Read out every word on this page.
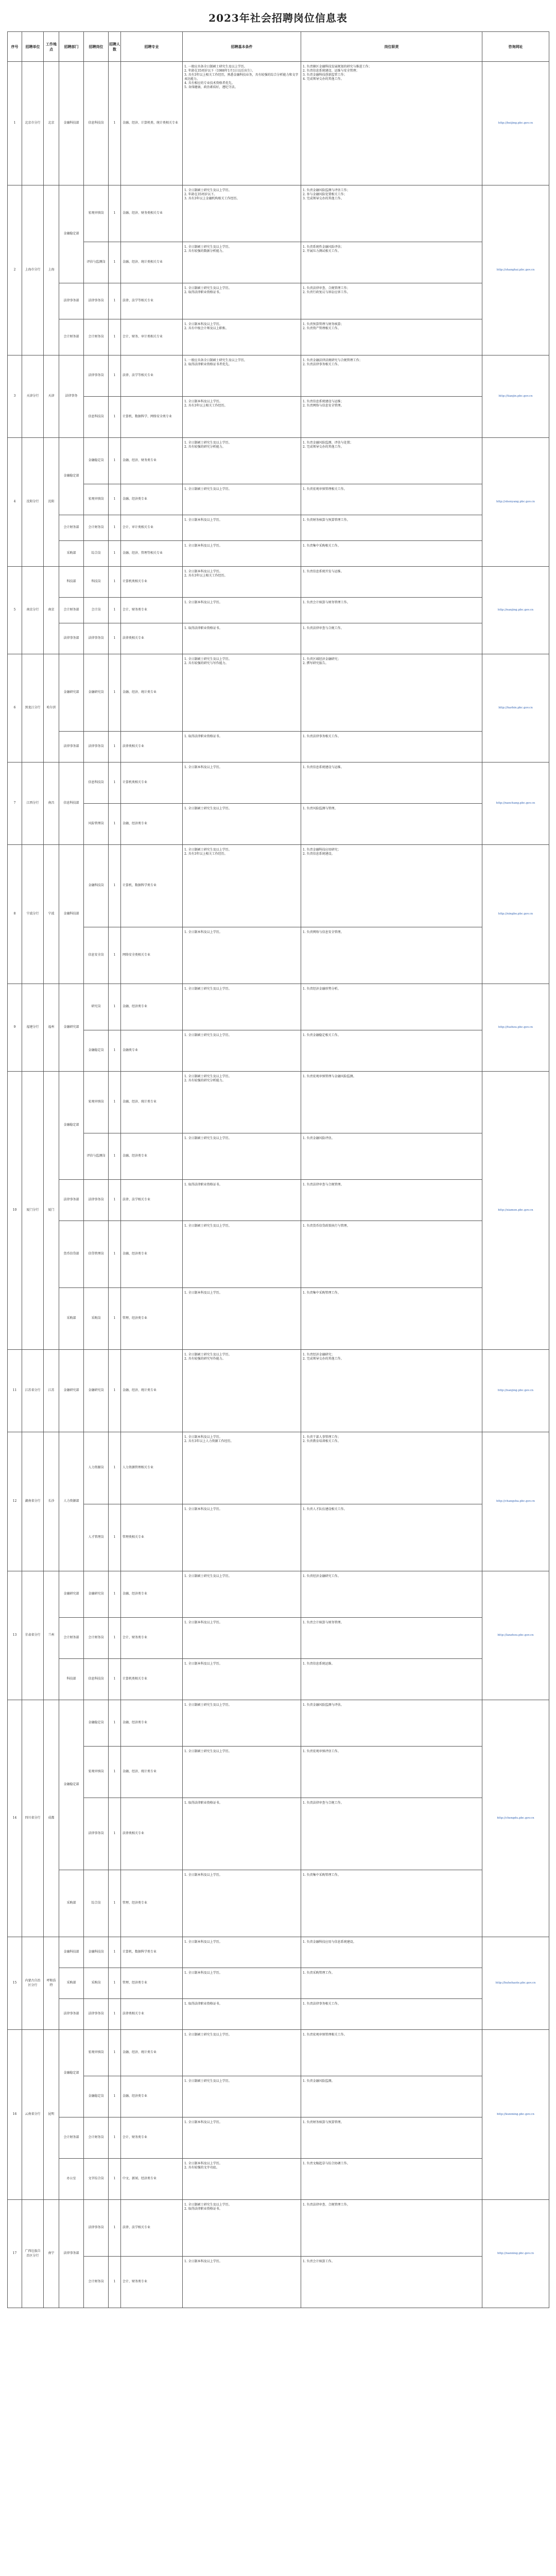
2023年社会招聘岗位信息表
序号	招聘单位	工作地点	招聘部门	招聘岗位	招聘人数	招聘专业	招聘基本条件	岗位职责	咨询网址
1	北京市分行	北京	金融科技部	信息科技岗	1	金融、经济、计算机类、统计类相关专业	1. 一般应具备全日制硕士研究生及以上学历。
2. 年龄在35周岁以下（1988年1月1日以后出生）。
3. 具有3年以上相关工作经历，熟悉金融科技业务，具有较强的综合分析能力和文字表达能力。
4. 具有相应的专业技术资格者优先。
5. 身体健康，政治素质好，遵纪守法。	1. 负责辖区金融科技发展规划的研究与推进工作；
2. 负责信息系统建设、运维与安全管理；
3. 负责金融科技创新监管工作；
4. 完成领导交办的其他工作。	http://beijing.pbc.gov.cn
2	上海市分行	上海	金融稳定部	宏观审慎岗	1	金融、经济、财务类相关专业	1. 全日制硕士研究生及以上学历。
2. 年龄在35周岁以下。
3. 具有3年以上金融机构相关工作经历。	1. 负责金融风险监测与评估工作；
2. 参与金融风险处置相关工作；
3. 完成领导交办的其他工作。	http://shanghai.pbc.gov.cn
				评估与监测岗	1	金融、经济、统计类相关专业	1. 全日制硕士研究生及以上学历。
2. 具有较强的数据分析能力。	1. 负责系统性金融风险评估；
2. 开展压力测试相关工作。	

			法律事务部	法律事务岗	1	法律、法学等相关专业	1. 全日制硕士研究生及以上学历。
2. 取得法律职业资格证书。	1. 负责法律审查、合规管理工作；
2. 负责行政复议与诉讼应诉工作。	

			会计财务部	会计财务岗	1	会计、财务、审计类相关专业	1. 全日制本科及以上学历。
2. 具有中级会计师及以上职称。	1. 负责预算管理与财务核算；
2. 负责资产管理相关工作。	

3	天津分行	天津	法律事务	法律事务岗	1	法律、法学等相关专业	1. 一般应具备全日制硕士研究生及以上学历。
2. 取得法律职业资格证书者优先。	1. 负责金融法律法规研究与合规管理工作；
2. 负责法律事务相关工作。	http://tianjin.pbc.gov.cn
				信息科技岗	1	计算机、数据科学、网络安全类专业	1. 全日制本科及以上学历。
2. 具有3年以上相关工作经历。	1. 负责信息系统建设与运维；
2. 负责网络与信息安全管理。	

4	沈阳分行	沈阳	金融稳定部	金融稳定岗	1	金融、经济、财务类专业	1. 全日制硕士研究生及以上学历。
2. 具有较强的研究分析能力。	1. 负责金融风险监测、评估与处置；
2. 完成领导交办的其他工作。	http://shenyang.pbc.gov.cn
				宏观审慎岗	1	金融、经济类专业	1. 全日制硕士研究生及以上学历。	1. 负责宏观审慎管理相关工作。	

			会计财务部	会计财务岗	1	会计、审计类相关专业	1. 全日制本科及以上学历。	1. 负责财务核算与预算管理工作。	

			采购部	综合岗	1	金融、经济、管理等相关专业	1. 全日制本科及以上学历。	1. 负责集中采购相关工作。	

5	南京分行	南京	科技部	科技岗	1	计算机类相关专业	1. 全日制本科及以上学历。
2. 具有3年以上相关工作经历。	1. 负责信息系统开发与运维。	http://nanjing.pbc.gov.cn
			会计财务部	会计岗	1	会计、财务类专业	1. 全日制本科及以上学历。	1. 负责会计核算与财务管理工作。	

			法律事务部	法律事务岗	1	法律类相关专业	1. 取得法律职业资格证书。	1. 负责法律审查与合规工作。	

6	黑龙江分行	哈尔滨	金融研究部	金融研究岗	1	金融、经济、统计类专业	1. 全日制硕士研究生及以上学历。
2. 具有较强的研究与写作能力。	1. 负责区域经济金融研究；
2. 撰写研究报告。	http://harbin.pbc.gov.cn
			法律事务部	法律事务岗	1	法律类相关专业	1. 取得法律职业资格证书。	1. 负责法律事务相关工作。	

7	江西分行	南昌	信息科技部	信息科技岗	1	计算机类相关专业	1. 全日制本科及以上学历。	1. 负责信息系统建设与运维。	http://nanchang.pbc.gov.cn
				风险管理岗	1	金融、经济类专业	1. 全日制硕士研究生及以上学历。	1. 负责风险监测与管理。	

8	宁波分行	宁波	金融科技部	金融科技岗	1	计算机、数据科学类专业	1. 全日制硕士研究生及以上学历。
2. 具有3年以上相关工作经历。	1. 负责金融科技应用研究；
2. 负责信息系统建设。	http://ningbo.pbc.gov.cn
				信息安全岗	1	网络安全类相关专业	1. 全日制本科及以上学历。	1. 负责网络与信息安全管理。	

9	福建分行	福州	金融研究部	研究岗	1	金融、经济类专业	1. 全日制硕士研究生及以上学历。	1. 负责经济金融形势分析。	http://fuzhou.pbc.gov.cn
				金融稳定岗	1	金融类专业	1. 全日制硕士研究生及以上学历。	1. 负责金融稳定相关工作。	

10	厦门分行	厦门	金融稳定部	宏观审慎岗	1	金融、经济、统计类专业	1. 全日制硕士研究生及以上学历。
2. 具有较强的研究分析能力。	1. 负责宏观审慎管理与金融风险监测。	http://xiamen.pbc.gov.cn
				评估与监测岗	1	金融、经济类专业	1. 全日制硕士研究生及以上学历。	1. 负责金融风险评估。	

			法律事务部	法律事务岗	1	法律、法学相关专业	1. 取得法律职业资格证书。	1. 负责法律审查与合规管理。	

			货币信贷部	信贷管理岗	1	金融、经济类专业	1. 全日制硕士研究生及以上学历。	1. 负责货币信贷政策执行与管理。	

			采购部	采购岗	1	管理、经济类专业	1. 全日制本科及以上学历。	1. 负责集中采购管理工作。	

11	江苏省分行	江苏	金融研究部	金融研究岗	1	金融、经济、统计类专业	1. 全日制硕士研究生及以上学历。
2. 具有较强的研究写作能力。	1. 负责经济金融研究；
2. 完成领导交办的其他工作。	http://nanjing.pbc.gov.cn
12	湖南省分行	长沙	人力资源部	人力资源岗	1	人力资源管理相关专业	1. 全日制本科及以上学历。
2. 具有3年以上人力资源工作经历。	1. 负责干部人事管理工作；
2. 负责教育培训相关工作。	http://changsha.pbc.gov.cn
				人才管理岗	1	管理类相关专业	1. 全日制本科及以上学历。	1. 负责人才队伍建设相关工作。	

13	甘肃省分行	兰州	金融研究部	金融研究岗	1	金融、经济类专业	1. 全日制硕士研究生及以上学历。	1. 负责经济金融研究工作。	http://lanzhou.pbc.gov.cn
			会计财务部	会计财务岗	1	会计、财务类专业	1. 全日制本科及以上学历。	1. 负责会计核算与财务管理。	

			科技部	信息科技岗	1	计算机类相关专业	1. 全日制本科及以上学历。	1. 负责信息系统运维。	

14	四川省分行	成都	金融稳定部	金融稳定岗	1	金融、经济类专业	1. 全日制硕士研究生及以上学历。	1. 负责金融风险监测与评估。	http://chengdu.pbc.gov.cn
				宏观审慎岗	1	金融、经济、统计类专业	1. 全日制硕士研究生及以上学历。	1. 负责宏观审慎评估工作。	

				法律事务岗	1	法律类相关专业	1. 取得法律职业资格证书。	1. 负责法律审查与合规工作。	

			采购部	综合岗	1	管理、经济类专业	1. 全日制本科及以上学历。	1. 负责集中采购管理工作。	

15	内蒙古自治区分行	呼和浩特	金融科技部	金融科技岗	1	计算机、数据科学类专业	1. 全日制本科及以上学历。	1. 负责金融科技应用与信息系统建设。	http://huhehaote.pbc.gov.cn
			采购部	采购岗	1	管理、经济类专业	1. 全日制本科及以上学历。	1. 负责采购管理工作。	

			法律事务部	法律事务岗	1	法律类相关专业	1. 取得法律职业资格证书。	1. 负责法律事务相关工作。	

16	云南省分行	昆明	金融稳定部	宏观审慎岗	1	金融、经济、统计类专业	1. 全日制硕士研究生及以上学历。	1. 负责宏观审慎管理相关工作。	http://kunming.pbc.gov.cn
				金融稳定岗	1	金融、经济类专业	1. 全日制硕士研究生及以上学历。	1. 负责金融风险监测。	

			会计财务部	会计财务岗	1	会计、财务类专业	1. 全日制本科及以上学历。	1. 负责财务核算与预算管理。	

			办公室	文字综合岗	1	中文、新闻、经济类专业	1. 全日制本科及以上学历。
2. 具有较强的文字功底。	1. 负责文稿起草与综合协调工作。	

17	广西壮族自治区分行	南宁	法律事务部	法律事务岗	1	法律、法学相关专业	1. 全日制硕士研究生及以上学历。
2. 取得法律职业资格证书。	1. 负责法律审查、合规管理工作。	http://nanning.pbc.gov.cn
				会计财务岗	1	会计、财务类专业	1. 全日制本科及以上学历。	1. 负责会计核算工作。	
